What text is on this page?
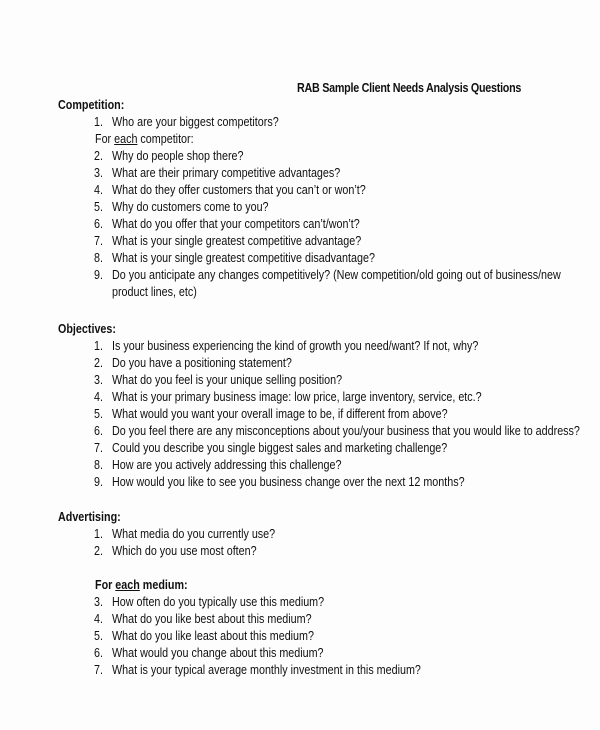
RAB Sample Client Needs Analysis Questions
Competition:
1. Who are your biggest competitors?
For each competitor:
2. Why do people shop there?
3. What are their primary competitive advantages?
4. What do they offer customers that you can’t or won’t?
5. Why do customers come to you?
6. What do you offer that your competitors can’t/won’t?
7. What is your single greatest competitive advantage?
8. What is your single greatest competitive disadvantage?
9. Do you anticipate any changes competitively? (New competition/old going out of business/new
product lines, etc)
Objectives:
1. Is your business experiencing the kind of growth you need/want? If not, why?
2. Do you have a positioning statement?
3. What do you feel is your unique selling position?
4. What is your primary business image: low price, large inventory, service, etc.?
5. What would you want your overall image to be, if different from above?
6. Do you feel there are any misconceptions about you/your business that you would like to address?
7. Could you describe you single biggest sales and marketing challenge?
8. How are you actively addressing this challenge?
9. How would you like to see you business change over the next 12 months?
Advertising:
1. What media do you currently use?
2. Which do you use most often?
For each medium:
3. How often do you typically use this medium?
4. What do you like best about this medium?
5. What do you like least about this medium?
6. What would you change about this medium?
7. What is your typical average monthly investment in this medium?
